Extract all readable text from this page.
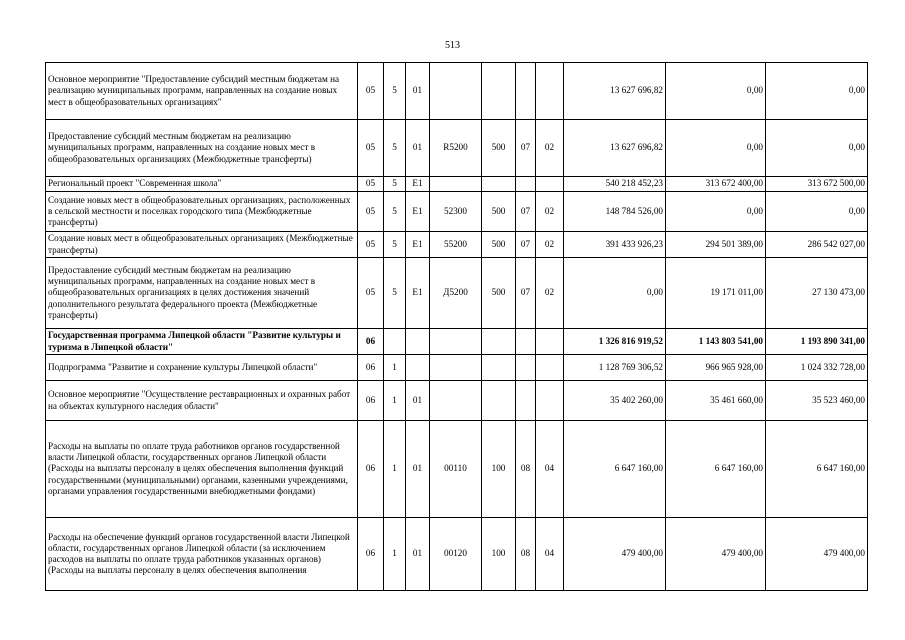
513
Основное мероприятие "Предоставление субсидий местным бюджетам на реализацию муниципальных программ, направленных на создание новых мест в общеобразовательных организациях"	05	5	01					13 627 696,82	0,00	0,00
Предоставление субсидий местным бюджетам на реализацию муниципальных программ, направленных на создание новых мест в общеобразовательных организациях (Межбюджетные трансферты)	05	5	01	R5200	500	07	02	13 627 696,82	0,00	0,00
Региональный проект "Современная школа"	05	5	E1					540 218 452,23	313 672 400,00	313 672 500,00
Создание новых мест в общеобразовательных организациях, расположенных в сельской местности и поселках городского типа (Межбюджетные трансферты)	05	5	E1	52300	500	07	02	148 784 526,00	0,00	0,00
Создание новых мест в общеобразовательных организациях (Межбюджетные трансферты)	05	5	E1	55200	500	07	02	391 433 926,23	294 501 389,00	286 542 027,00
Предоставление субсидий местным бюджетам на реализацию муниципальных программ, направленных на создание новых мест в общеобразовательных организациях в целях достижения значений дополнительного результата федерального проекта (Межбюджетные трансферты)	05	5	E1	Д5200	500	07	02	0,00	19 171 011,00	27 130 473,00
Государственная программа Липецкой области "Развитие культуры и туризма в Липецкой области"	06							1 326 816 919,52	1 143 803 541,00	1 193 890 341,00
Подпрограмма "Развитие и сохранение культуры Липецкой области"	06	1						1 128 769 306,52	966 965 928,00	1 024 332 728,00
Основное мероприятие "Осуществление реставрационных и охранных работ на объектах культурного наследия области"	06	1	01					35 402 260,00	35 461 660,00	35 523 460,00
Расходы на выплаты по оплате труда работников органов государственной власти Липецкой области, государственных органов Липецкой области (Расходы на выплаты персоналу в целях обеспечения выполнения функций государственными (муниципальными) органами, казенными учреждениями, органами управления государственными внебюджетными фондами)	06	1	01	00110	100	08	04	6 647 160,00	6 647 160,00	6 647 160,00
Расходы на обеспечение функций органов государственной власти Липецкой области, государственных органов Липецкой области (за исключением расходов на выплаты по оплате труда работников указанных органов) (Расходы на выплаты персоналу в целях обеспечения выполнения	06	1	01	00120	100	08	04	479 400,00	479 400,00	479 400,00
